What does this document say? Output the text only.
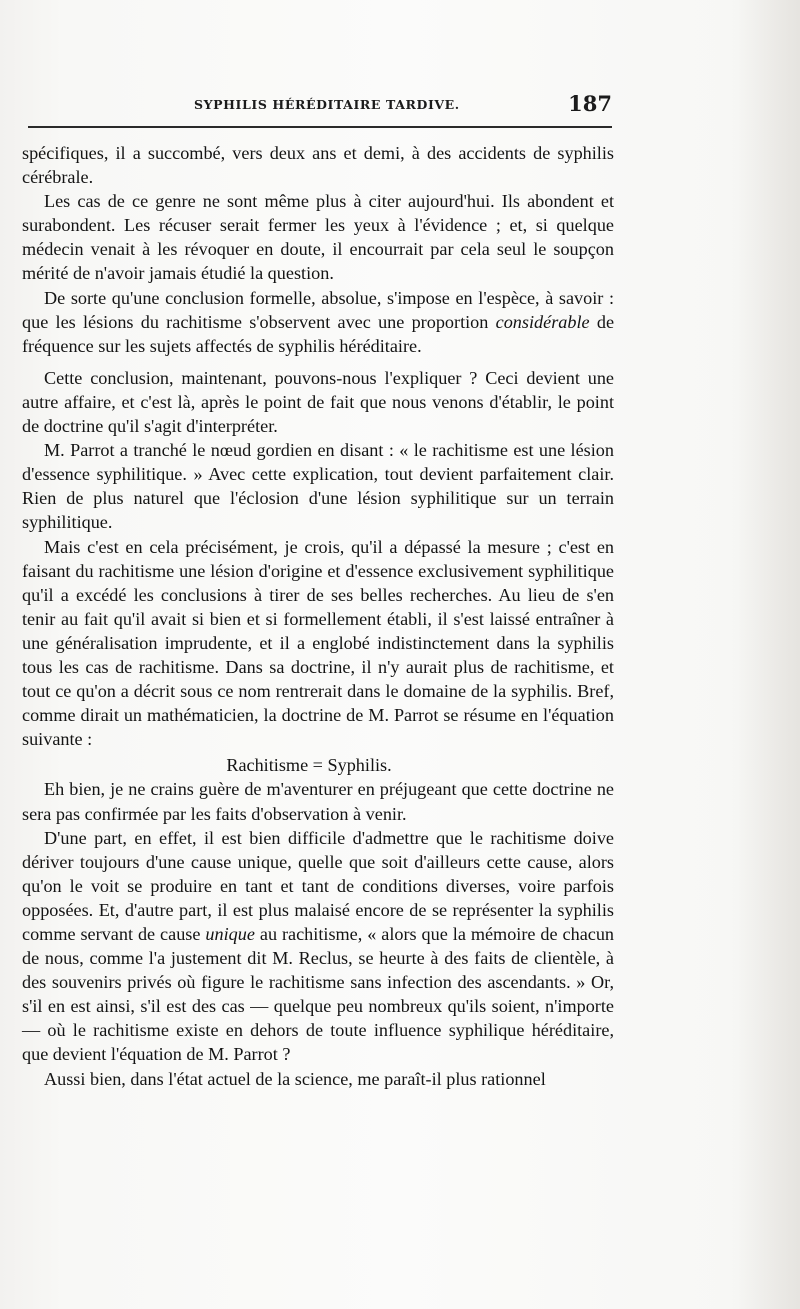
SYPHILIS HÉRÉDITAIRE TARDIVE.	187

spécifiques, il a succombé, vers deux ans et demi, à des accidents de syphilis cérébrale.

Les cas de ce genre ne sont même plus à citer aujourd'hui. Ils abondent et surabondent. Les récuser serait fermer les yeux à l'évidence ; et, si quelque médecin venait à les révoquer en doute, il encourrait par cela seul le soupçon mérité de n'avoir jamais étudié la question.

De sorte qu'une conclusion formelle, absolue, s'impose en l'espèce, à savoir : que les lésions du rachitisme s'observent avec une proportion considérable de fréquence sur les sujets affectés de syphilis héréditaire.

Cette conclusion, maintenant, pouvons-nous l'expliquer ? Ceci devient une autre affaire, et c'est là, après le point de fait que nous venons d'établir, le point de doctrine qu'il s'agit d'interpréter.

M. Parrot a tranché le nœud gordien en disant : « le rachitisme est une lésion d'essence syphilitique. » Avec cette explication, tout devient parfaitement clair. Rien de plus naturel que l'éclosion d'une lésion syphilitique sur un terrain syphilitique.

Mais c'est en cela précisément, je crois, qu'il a dépassé la mesure ; c'est en faisant du rachitisme une lésion d'origine et d'essence exclusivement syphilitique qu'il a excédé les conclusions à tirer de ses belles recherches. Au lieu de s'en tenir au fait qu'il avait si bien et si formellement établi, il s'est laissé entraîner à une généralisation imprudente, et il a englobé indistinctement dans la syphilis tous les cas de rachitisme. Dans sa doctrine, il n'y aurait plus de rachitisme, et tout ce qu'on a décrit sous ce nom rentrerait dans le domaine de la syphilis. Bref, comme dirait un mathématicien, la doctrine de M. Parrot se résume en l'équation suivante :

Rachitisme = Syphilis.

Eh bien, je ne crains guère de m'aventurer en préjugeant que cette doctrine ne sera pas confirmée par les faits d'observation à venir.

D'une part, en effet, il est bien difficile d'admettre que le rachitisme doive dériver toujours d'une cause unique, quelle que soit d'ailleurs cette cause, alors qu'on le voit se produire en tant et tant de conditions diverses, voire parfois opposées. Et, d'autre part, il est plus malaisé encore de se représenter la syphilis comme servant de cause unique au rachitisme, « alors que la mémoire de chacun de nous, comme l'a justement dit M. Reclus, se heurte à des faits de clientèle, à des souvenirs privés où figure le rachitisme sans infection des ascendants. » Or, s'il en est ainsi, s'il est des cas — quelque peu nombreux qu'ils soient, n'importe — où le rachitisme existe en dehors de toute influence syphilique héréditaire, que devient l'équation de M. Parrot ?

Aussi bien, dans l'état actuel de la science, me paraît-il plus rationnel
